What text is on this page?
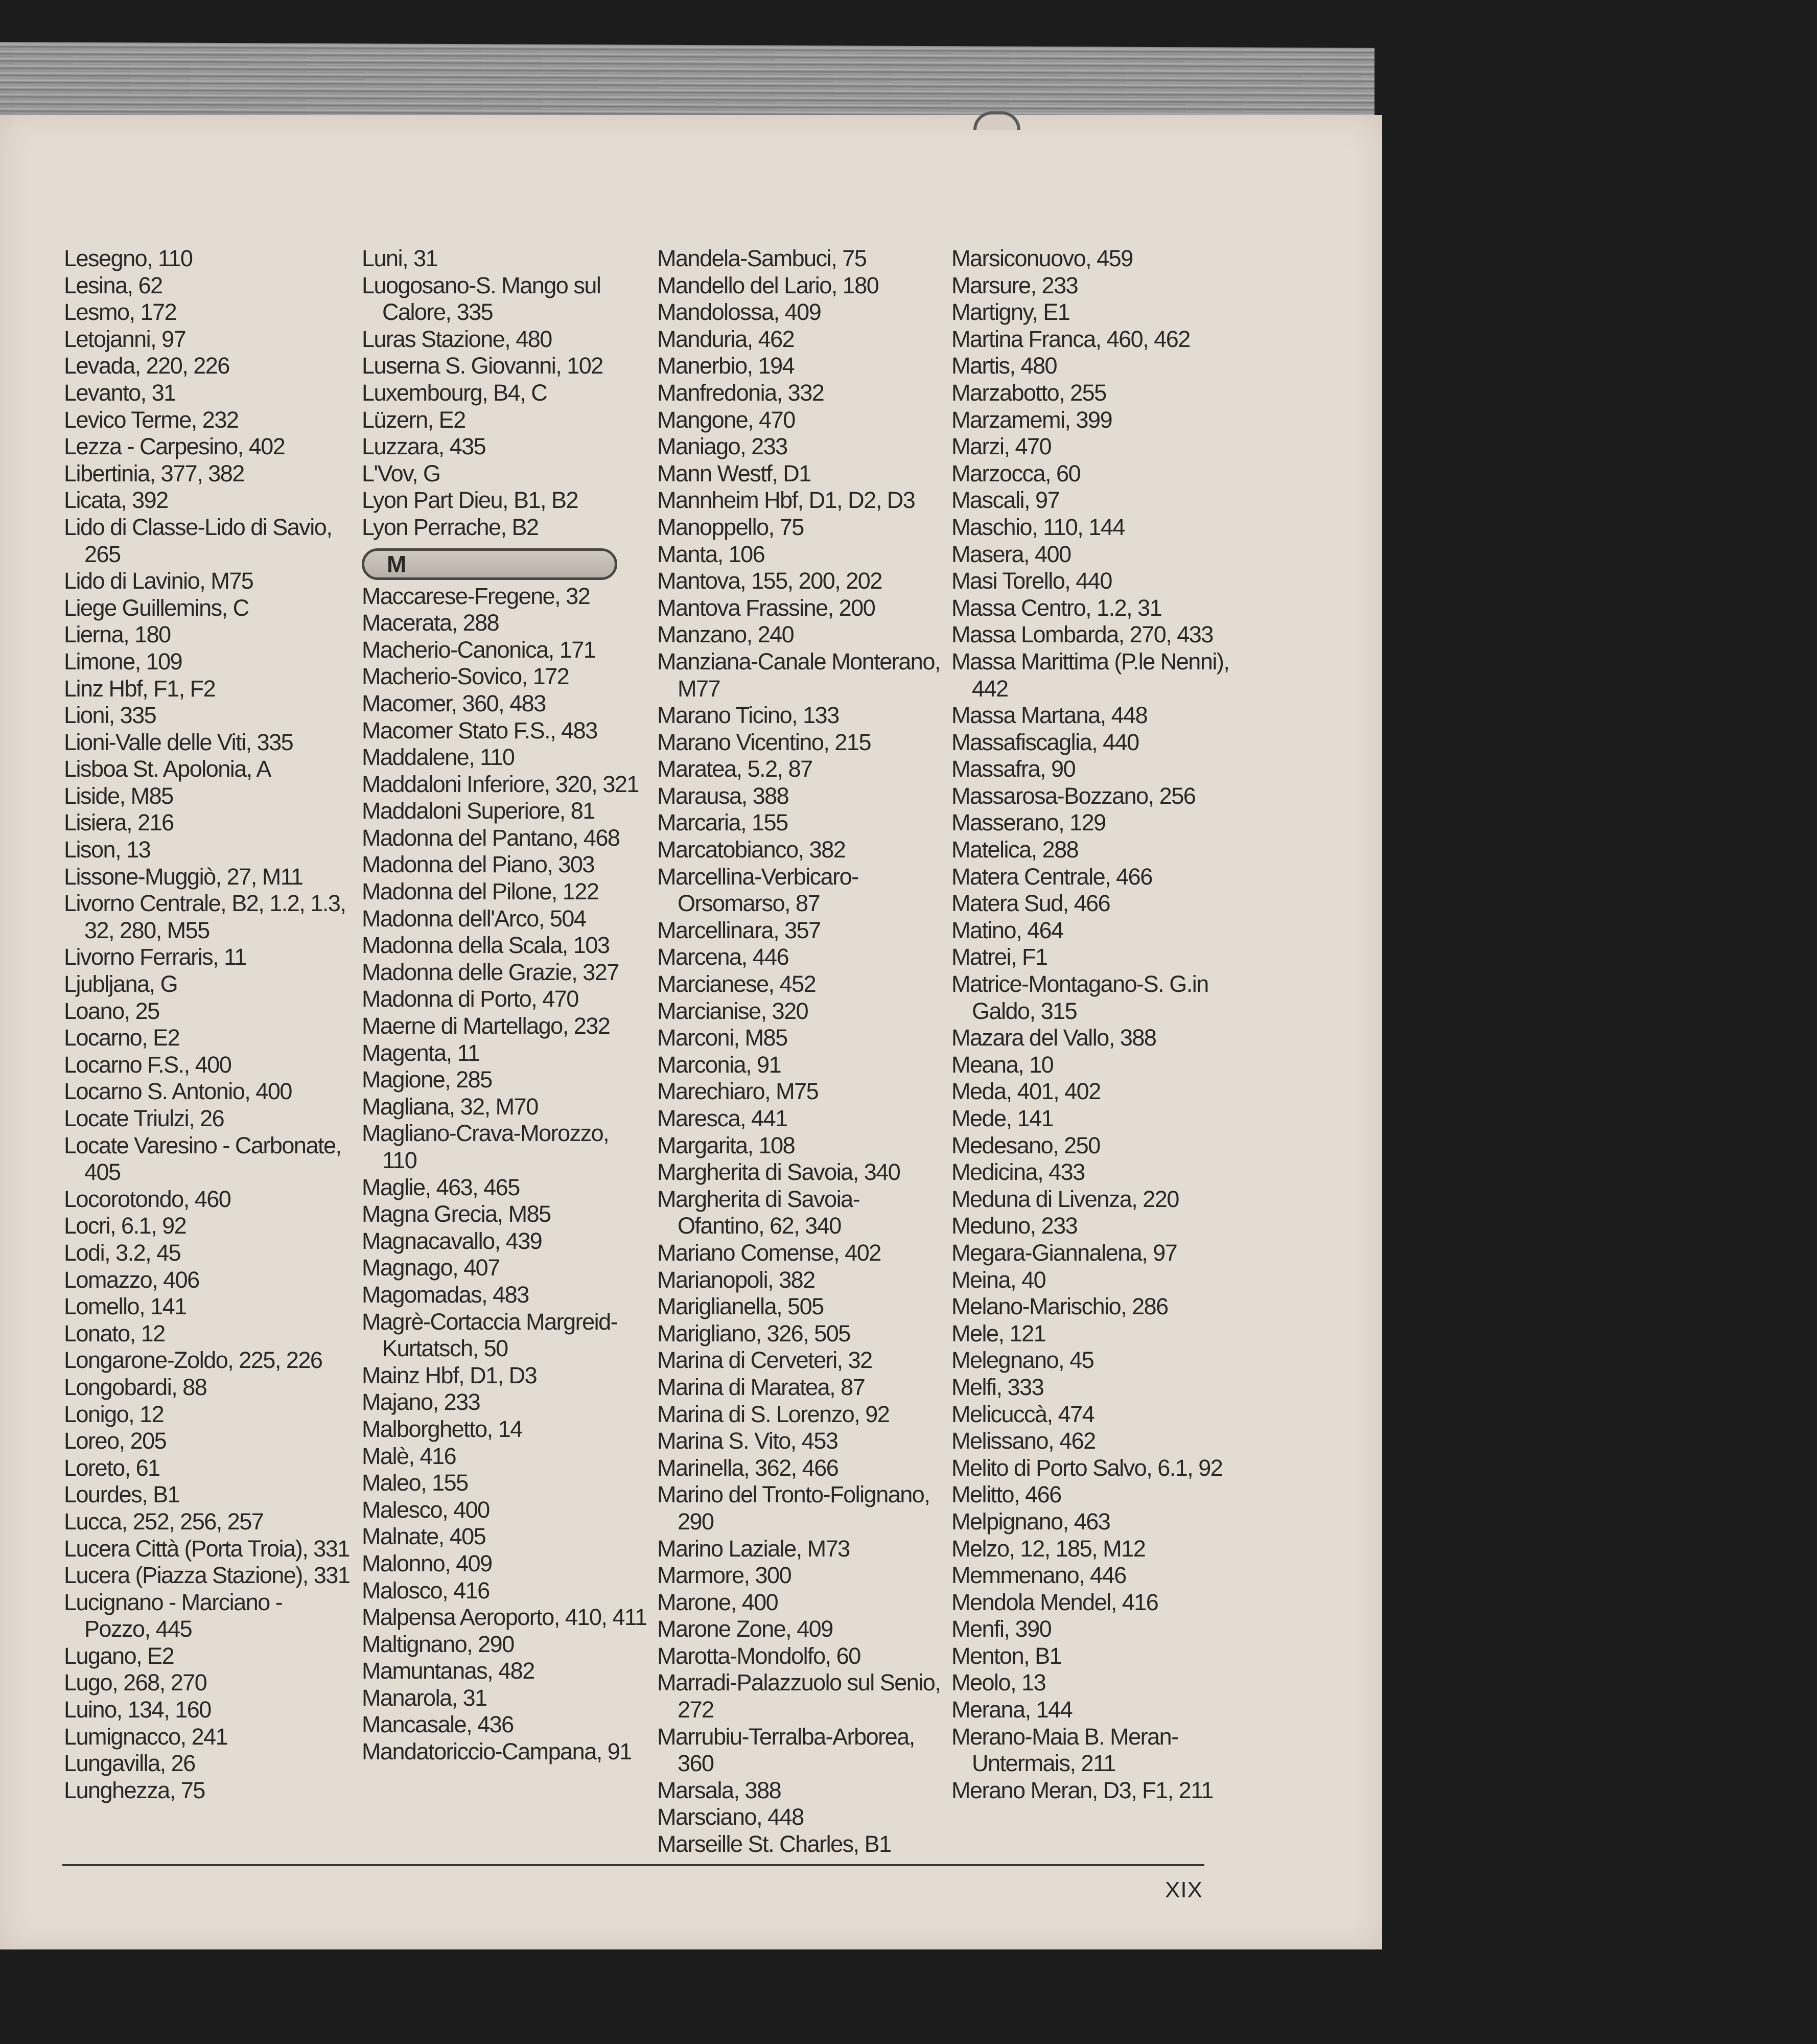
Lesegno, 110
Lesina, 62
Lesmo, 172
Letojanni, 97
Levada, 220, 226
Levanto, 31
Levico Terme, 232
Lezza - Carpesino, 402
Libertinia, 377, 382
Licata, 392
Lido di Classe-Lido di Savio, 265
Lido di Lavinio, M75
Liege Guillemins, C
Lierna, 180
Limone, 109
Linz Hbf, F1, F2
Lioni, 335
Lioni-Valle delle Viti, 335
Lisboa St. Apolonia, A
Liside, M85
Lisiera, 216
Lison, 13
Lissone-Muggiò, 27, M11
Livorno Centrale, B2, 1.2, 1.3, 32, 280, M55
Livorno Ferraris, 11
Ljubljana, G
Loano, 25
Locarno, E2
Locarno F.S., 400
Locarno S. Antonio, 400
Locate Triulzi, 26
Locate Varesino - Carbonate, 405
Locorotondo, 460
Locri, 6.1, 92
Lodi, 3.2, 45
Lomazzo, 406
Lomello, 141
Lonato, 12
Longarone-Zoldo, 225, 226
Longobardi, 88
Lonigo, 12
Loreo, 205
Loreto, 61
Lourdes, B1
Lucca, 252, 256, 257
Lucera Città (Porta Troia), 331
Lucera (Piazza Stazione), 331
Lucignano - Marciano - Pozzo, 445
Lugano, E2
Lugo, 268, 270
Luino, 134, 160
Lumignacco, 241
Lungavilla, 26
Lunghezza, 75
Luni, 31
Luogosano-S. Mango sul Calore, 335
Luras Stazione, 480
Luserna S. Giovanni, 102
Luxembourg, B4, C
Lüzern, E2
Luzzara, 435
L'Vov, G
Lyon Part Dieu, B1, B2
Lyon Perrache, B2
M
Maccarese-Fregene, 32
Macerata, 288
Macherio-Canonica, 171
Macherio-Sovico, 172
Macomer, 360, 483
Macomer Stato F.S., 483
Maddalene, 110
Maddaloni Inferiore, 320, 321
Maddaloni Superiore, 81
Madonna del Pantano, 468
Madonna del Piano, 303
Madonna del Pilone, 122
Madonna dell'Arco, 504
Madonna della Scala, 103
Madonna delle Grazie, 327
Madonna di Porto, 470
Maerne di Martellago, 232
Magenta, 11
Magione, 285
Magliana, 32, M70
Magliano-Crava-Morozzo, 110
Maglie, 463, 465
Magna Grecia, M85
Magnacavallo, 439
Magnago, 407
Magomadas, 483
Magrè-Cortaccia Margreid-Kurtatsch, 50
Mainz Hbf, D1, D3
Majano, 233
Malborghetto, 14
Malè, 416
Maleo, 155
Malesco, 400
Malnate, 405
Malonno, 409
Malosco, 416
Malpensa Aeroporto, 410, 411
Maltignano, 290
Mamuntanas, 482
Manarola, 31
Mancasale, 436
Mandatoriccio-Campana, 91
Mandela-Sambuci, 75
Mandello del Lario, 180
Mandolossa, 409
Manduria, 462
Manerbio, 194
Manfredonia, 332
Mangone, 470
Maniago, 233
Mann Westf, D1
Mannheim Hbf, D1, D2, D3
Manoppello, 75
Manta, 106
Mantova, 155, 200, 202
Mantova Frassine, 200
Manzano, 240
Manziana-Canale Monterano, M77
Marano Ticino, 133
Marano Vicentino, 215
Maratea, 5.2, 87
Marausa, 388
Marcaria, 155
Marcatobianco, 382
Marcellina-Verbicaro-Orsomarso, 87
Marcellinara, 357
Marcena, 446
Marcianese, 452
Marcianise, 320
Marconi, M85
Marconia, 91
Marechiaro, M75
Maresca, 441
Margarita, 108
Margherita di Savoia, 340
Margherita di Savoia-Ofantino, 62, 340
Mariano Comense, 402
Marianopoli, 382
Mariglianella, 505
Marigliano, 326, 505
Marina di Cerveteri, 32
Marina di Maratea, 87
Marina di S. Lorenzo, 92
Marina S. Vito, 453
Marinella, 362, 466
Marino del Tronto-Folignano, 290
Marino Laziale, M73
Marmore, 300
Marone, 400
Marone Zone, 409
Marotta-Mondolfo, 60
Marradi-Palazzuolo sul Senio, 272
Marrubiu-Terralba-Arborea, 360
Marsala, 388
Marsciano, 448
Marseille St. Charles, B1
Marsiconuovo, 459
Marsure, 233
Martigny, E1
Martina Franca, 460, 462
Martis, 480
Marzabotto, 255
Marzamemi, 399
Marzi, 470
Marzocca, 60
Mascali, 97
Maschio, 110, 144
Masera, 400
Masi Torello, 440
Massa Centro, 1.2, 31
Massa Lombarda, 270, 433
Massa Marittima (P.le Nenni), 442
Massa Martana, 448
Massafiscaglia, 440
Massafra, 90
Massarosa-Bozzano, 256
Masserano, 129
Matelica, 288
Matera Centrale, 466
Matera Sud, 466
Matino, 464
Matrei, F1
Matrice-Montagano-S. G.in Galdo, 315
Mazara del Vallo, 388
Meana, 10
Meda, 401, 402
Mede, 141
Medesano, 250
Medicina, 433
Meduna di Livenza, 220
Meduno, 233
Megara-Giannalena, 97
Meina, 40
Melano-Marischio, 286
Mele, 121
Melegnano, 45
Melfi, 333
Melicuccà, 474
Melissano, 462
Melito di Porto Salvo, 6.1, 92
Melitto, 466
Melpignano, 463
Melzo, 12, 185, M12
Memmenano, 446
Mendola Mendel, 416
Menfi, 390
Menton, B1
Meolo, 13
Merana, 144
Merano-Maia B. Meran-Untermais, 211
Merano Meran, D3, F1, 211
XIX
